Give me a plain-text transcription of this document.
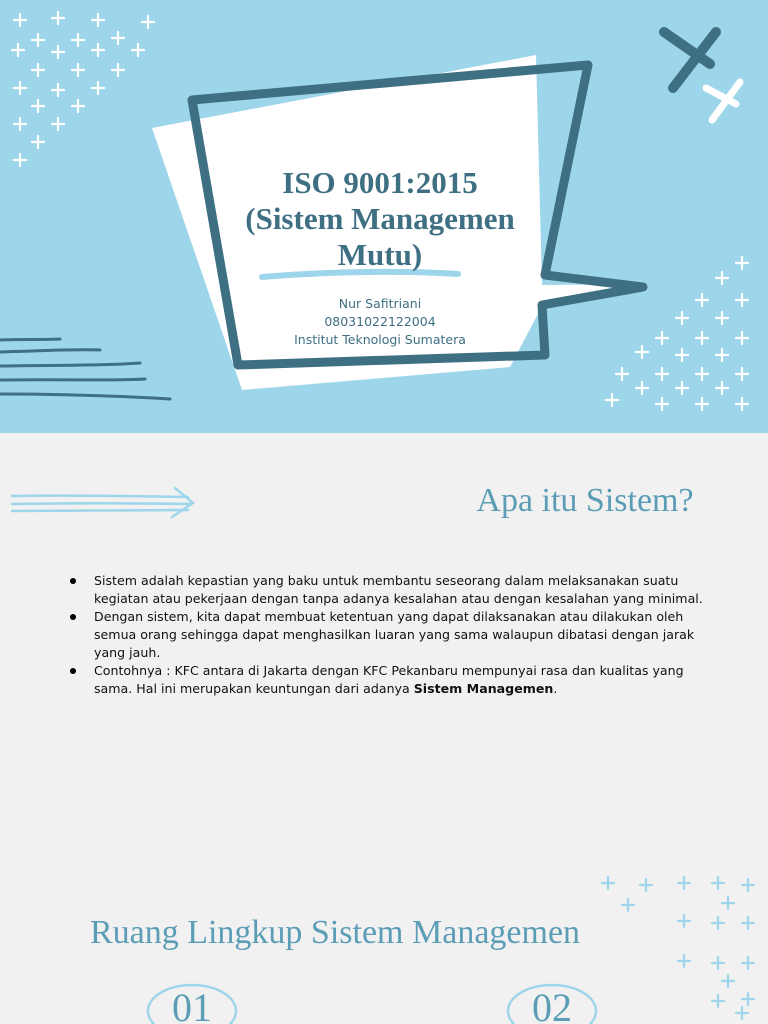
ISO 9001:2015
(Sistem Managemen
Mutu)
Nur Safitriani
08031022122004
Institut Teknologi Sumatera
Apa itu Sistem?
Sistem adalah kepastian yang baku untuk membantu seseorang dalam melaksanakan suatu kegiatan atau pekerjaan dengan tanpa adanya kesalahan atau dengan kesalahan yang minimal.
Dengan sistem, kita dapat membuat ketentuan yang dapat dilaksanakan atau dilakukan oleh semua orang sehingga dapat menghasilkan luaran yang sama walaupun dibatasi dengan jarak yang jauh.
Contohnya : KFC antara di Jakarta dengan KFC Pekanbaru mempunyai rasa dan kualitas yang sama. Hal ini merupakan keuntungan dari adanya Sistem Managemen.
Ruang Lingkup Sistem Managemen
01	02
